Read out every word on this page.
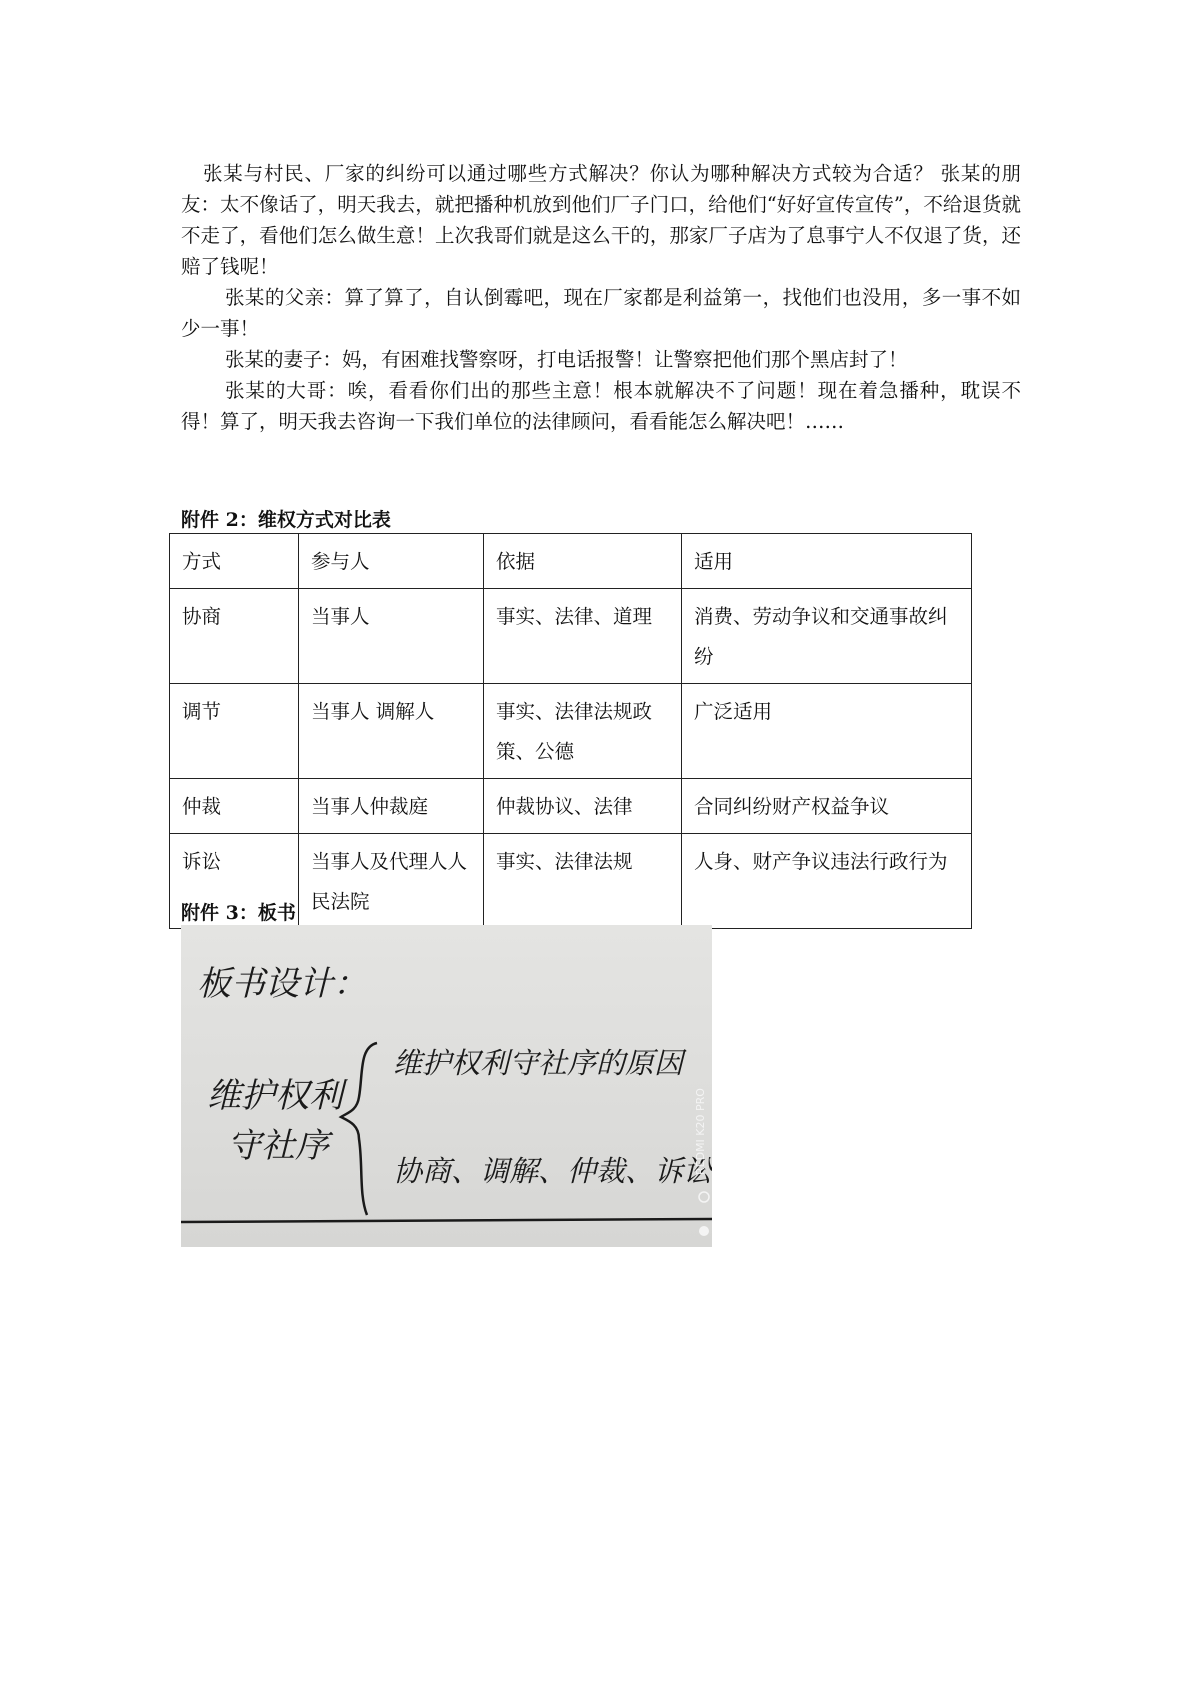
张某与村民、厂家的纠纷可以通过哪些方式解决？你认为哪种解决方式较为合适？ 张某的朋友：太不像话了，明天我去，就把播种机放到他们厂子门口，给他们“好好宣传宣传”，不给退货就不走了，看他们怎么做生意！上次我哥们就是这么干的，那家厂子店为了息事宁人不仅退了货，还赔了钱呢！

张某的父亲：算了算了，自认倒霉吧，现在厂家都是利益第一，找他们也没用，多一事不如少一事！

张某的妻子：妈，有困难找警察呀，打电话报警！让警察把他们那个黑店封了！

张某的大哥：唉，看看你们出的那些主意！根本就解决不了问题！现在着急播种，耽误不得！算了，明天我去咨询一下我们单位的法律顾问，看看能怎么解决吧！……

附件 2：维权方式对比表

方式	参与人	依据	适用
协商	当事人	事实、法律、道理	消费、劳动争议和交通事故纠纷
调节	当事人 调解人	事实、法律法规政策、公德	广泛适用
仲裁	当事人仲裁庭	仲裁协议、法律	合同纠纷财产权益争议
诉讼	当事人及代理人人民法院	事实、法律法规	人身、财产争议违法行政行为

附件 3：板书

板书设计：
维护权利
守社序
维护权利守社序的原因
协商、调解、仲裁、诉讼
REDMI K20 PRO
